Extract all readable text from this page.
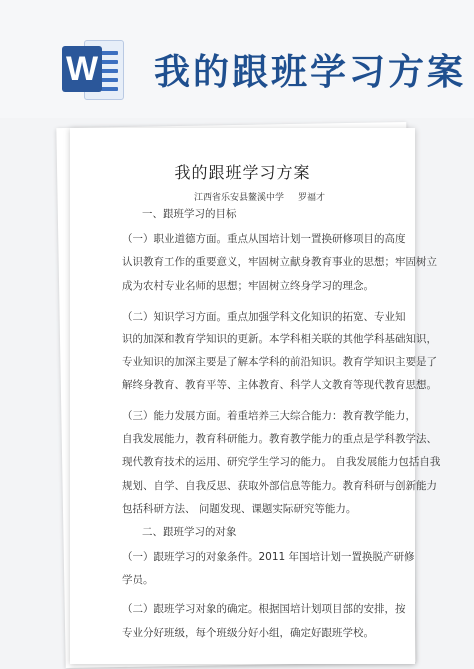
W 我的跟班学习方案
我的跟班学习方案
江西省乐安县鳌溪中学 罗福才
一、跟班学习的目标
（一）职业道德方面。重点从国培计划一置换研修项目的高度
认识教育工作的重要意义，牢固树立献身教育事业的思想；牢固树立
成为农村专业名师的思想；牢固树立终身学习的理念。
（二）知识学习方面。重点加强学科文化知识的拓宽、专业知
识的加深和教育学知识的更新。本学科相关联的其他学科基础知识，
专业知识的加深主要是了解本学科的前沿知识。教育学知识主要是了
解终身教育、教育平等、主体教育、科学人文教育等现代教育思想。
（三）能力发展方面。着重培养三大综合能力：教育教学能力，
自我发展能力，教育科研能力。教育教学能力的重点是学科教学法、
现代教育技术的运用、研究学生学习的能力。 自我发展能力包括自我
规划、自学、自我反思、获取外部信息等能力。教育科研与创新能力
包括科研方法、 问题发现、课题实际研究等能力。
二、跟班学习的对象
（一）跟班学习的对象条件。2011 年国培计划一置换脱产研修
学员。
（二）跟班学习对象的确定。根据国培计划项目部的安排，按
专业分好班级，每个班级分好小组，确定好跟班学校。
